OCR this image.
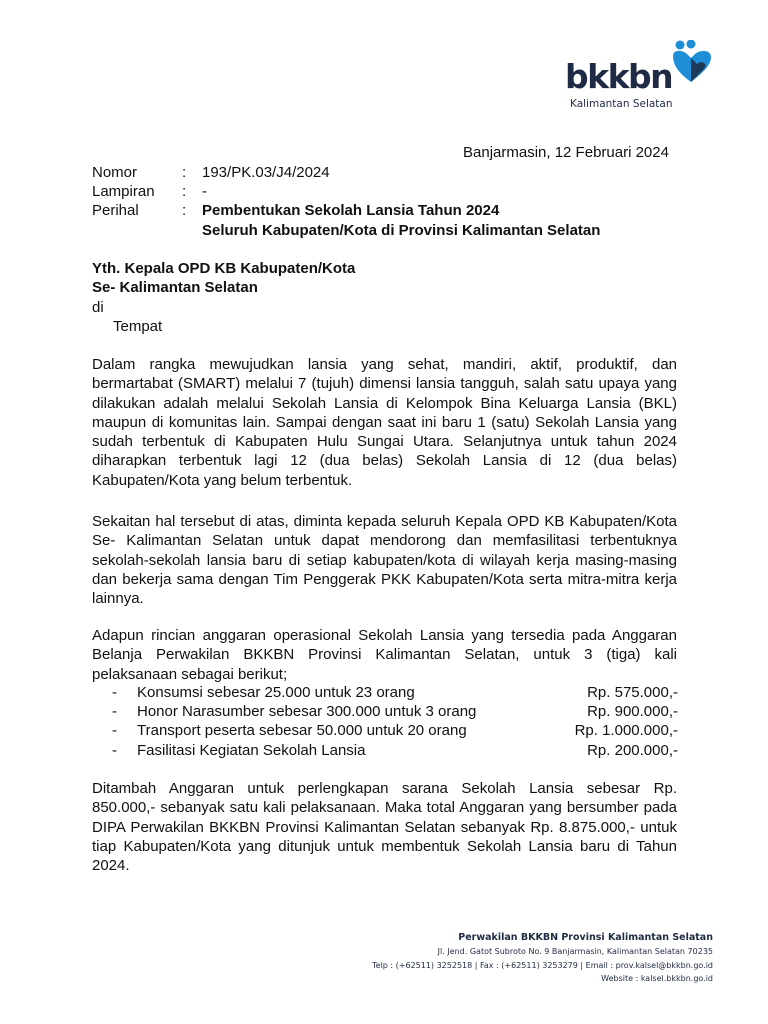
bkkbn
Kalimantan Selatan
Banjarmasin, 12 Februari 2024
Nomor	: 193/PK.03/J4/2024
Lampiran : -
Perihal	: Pembentukan Sekolah Lansia Tahun 2024
Seluruh Kabupaten/Kota di Provinsi Kalimantan Selatan
Yth. Kepala OPD KB Kabupaten/Kota
Se- Kalimantan Selatan
di
Tempat
Dalam rangka mewujudkan lansia yang sehat, mandiri, aktif, produktif, dan
bermartabat (SMART) melalui 7 (tujuh) dimensi lansia tangguh, salah satu upaya yang
dilakukan adalah melalui Sekolah Lansia di Kelompok Bina Keluarga Lansia (BKL)
maupun di komunitas lain. Sampai dengan saat ini baru 1 (satu) Sekolah Lansia yang
sudah terbentuk di Kabupaten Hulu Sungai Utara. Selanjutnya untuk tahun 2024
diharapkan terbentuk lagi 12 (dua belas) Sekolah Lansia di 12 (dua belas)
Kabupaten/Kota yang belum terbentuk.
Sekaitan hal tersebut di atas, diminta kepada seluruh Kepala OPD KB Kabupaten/Kota
Se- Kalimantan Selatan untuk dapat mendorong dan memfasilitasi terbentuknya
sekolah-sekolah lansia baru di setiap kabupaten/kota di wilayah kerja masing-masing
dan bekerja sama dengan Tim Penggerak PKK Kabupaten/Kota serta mitra-mitra kerja
lainnya.
Adapun rincian anggaran operasional Sekolah Lansia yang tersedia pada Anggaran
Belanja Perwakilan BKKBN Provinsi Kalimantan Selatan, untuk 3 (tiga) kali
pelaksanaan sebagai berikut;
- Konsumsi sebesar 25.000 untuk 23 orang	Rp. 575.000,-
- Honor Narasumber sebesar 300.000 untuk 3 orang	Rp. 900.000,-
- Transport peserta sebesar 50.000 untuk 20 orang	Rp. 1.000.000,-
- Fasilitasi Kegiatan Sekolah Lansia	Rp. 200.000,-
Ditambah Anggaran untuk perlengkapan sarana Sekolah Lansia sebesar Rp.
850.000,- sebanyak satu kali pelaksanaan. Maka total Anggaran yang bersumber pada
DIPA Perwakilan BKKBN Provinsi Kalimantan Selatan sebanyak Rp. 8.875.000,- untuk
tiap Kabupaten/Kota yang ditunjuk untuk membentuk Sekolah Lansia baru di Tahun
2024.
Perwakilan BKKBN Provinsi Kalimantan Selatan
Jl. Jend. Gatot Subroto No. 9 Banjarmasin, Kalimantan Selatan 70235
Telp : (+62511) 3252518 | Fax : (+62511) 3253279 | Email : prov.kalsel@bkkbn.go.id
Website : kalsel.bkkbn.go.id
